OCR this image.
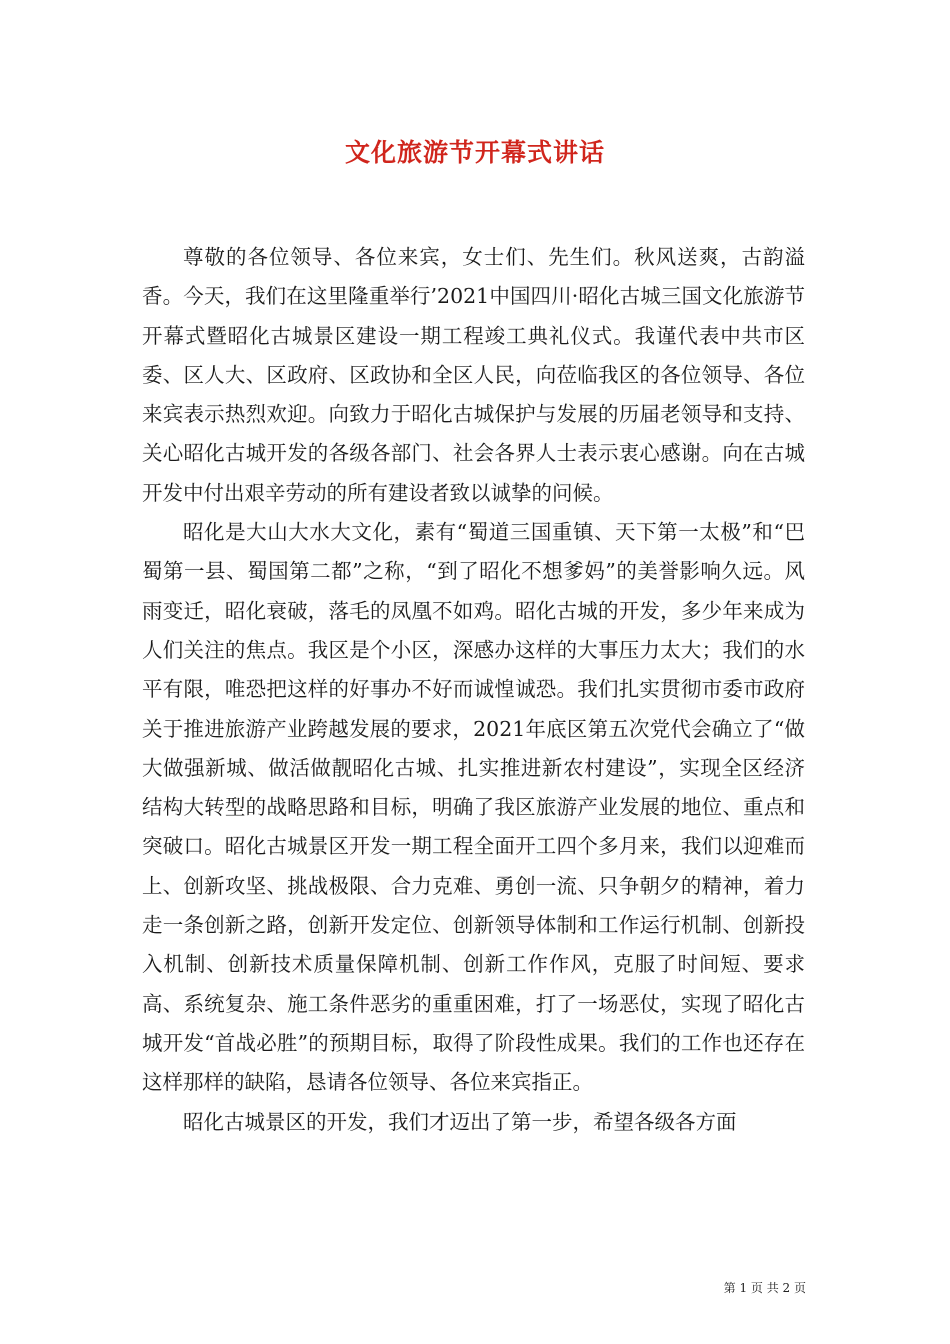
文化旅游节开幕式讲话

尊敬的各位领导、各位来宾，女士们、先生们。秋风送爽，古韵溢香。今天，我们在这里隆重举行’2021中国四川·昭化古城三国文化旅游节开幕式暨昭化古城景区建设一期工程竣工典礼仪式。我谨代表中共市区委、区人大、区政府、区政协和全区人民，向莅临我区的各位领导、各位来宾表示热烈欢迎。向致力于昭化古城保护与发展的历届老领导和支持、关心昭化古城开发的各级各部门、社会各界人士表示衷心感谢。向在古城开发中付出艰辛劳动的所有建设者致以诚挚的问候。

昭化是大山大水大文化，素有“蜀道三国重镇、天下第一太极”和“巴蜀第一县、蜀国第二都”之称，“到了昭化不想爹妈”的美誉影响久远。风雨变迁，昭化衰破，落毛的凤凰不如鸡。昭化古城的开发，多少年来成为人们关注的焦点。我区是个小区，深感办这样的大事压力太大；我们的水平有限，唯恐把这样的好事办不好而诚惶诚恐。我们扎实贯彻市委市政府关于推进旅游产业跨越发展的要求，2021年底区第五次党代会确立了“做大做强新城、做活做靓昭化古城、扎实推进新农村建设”，实现全区经济结构大转型的战略思路和目标，明确了我区旅游产业发展的地位、重点和突破口。昭化古城景区开发一期工程全面开工四个多月来，我们以迎难而上、创新攻坚、挑战极限、合力克难、勇创一流、只争朝夕的精神，着力走一条创新之路，创新开发定位、创新领导体制和工作运行机制、创新投入机制、创新技术质量保障机制、创新工作作风，克服了时间短、要求高、系统复杂、施工条件恶劣的重重困难，打了一场恶仗，实现了昭化古城开发“首战必胜”的预期目标，取得了阶段性成果。我们的工作也还存在这样那样的缺陷，恳请各位领导、各位来宾指正。

昭化古城景区的开发，我们才迈出了第一步，希望各级各方面

第 1 页 共 2 页
